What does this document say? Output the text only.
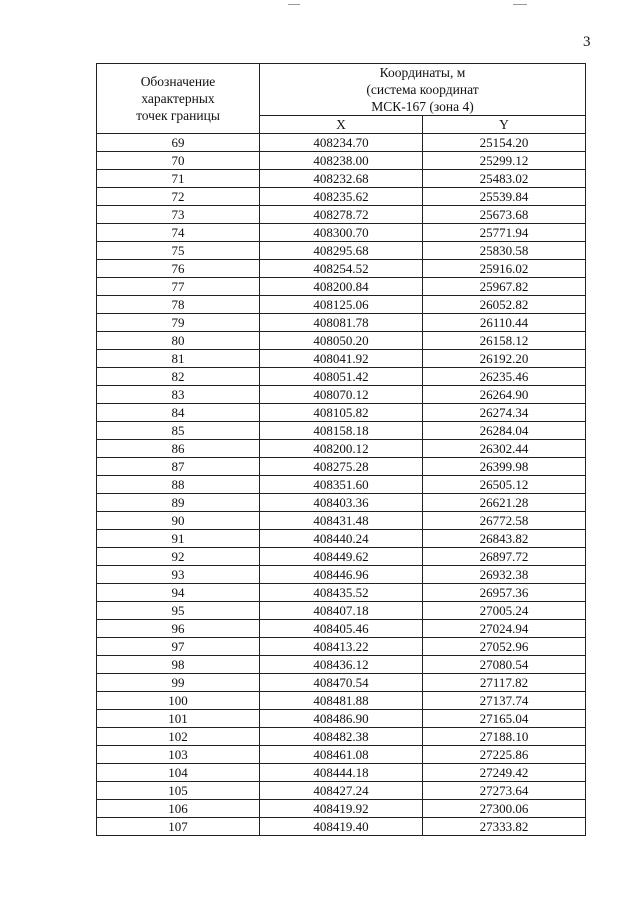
3
Обозначение
характерных
точек границы	Координаты, м
(система координат
МСК-167 (зона 4)	

	X	Y
69	408234.70	25154.20
70	408238.00	25299.12
71	408232.68	25483.02
72	408235.62	25539.84
73	408278.72	25673.68
74	408300.70	25771.94
75	408295.68	25830.58
76	408254.52	25916.02
77	408200.84	25967.82
78	408125.06	26052.82
79	408081.78	26110.44
80	408050.20	26158.12
81	408041.92	26192.20
82	408051.42	26235.46
83	408070.12	26264.90
84	408105.82	26274.34
85	408158.18	26284.04
86	408200.12	26302.44
87	408275.28	26399.98
88	408351.60	26505.12
89	408403.36	26621.28
90	408431.48	26772.58
91	408440.24	26843.82
92	408449.62	26897.72
93	408446.96	26932.38
94	408435.52	26957.36
95	408407.18	27005.24
96	408405.46	27024.94
97	408413.22	27052.96
98	408436.12	27080.54
99	408470.54	27117.82
100	408481.88	27137.74
101	408486.90	27165.04
102	408482.38	27188.10
103	408461.08	27225.86
104	408444.18	27249.42
105	408427.24	27273.64
106	408419.92	27300.06
107	408419.40	27333.82
